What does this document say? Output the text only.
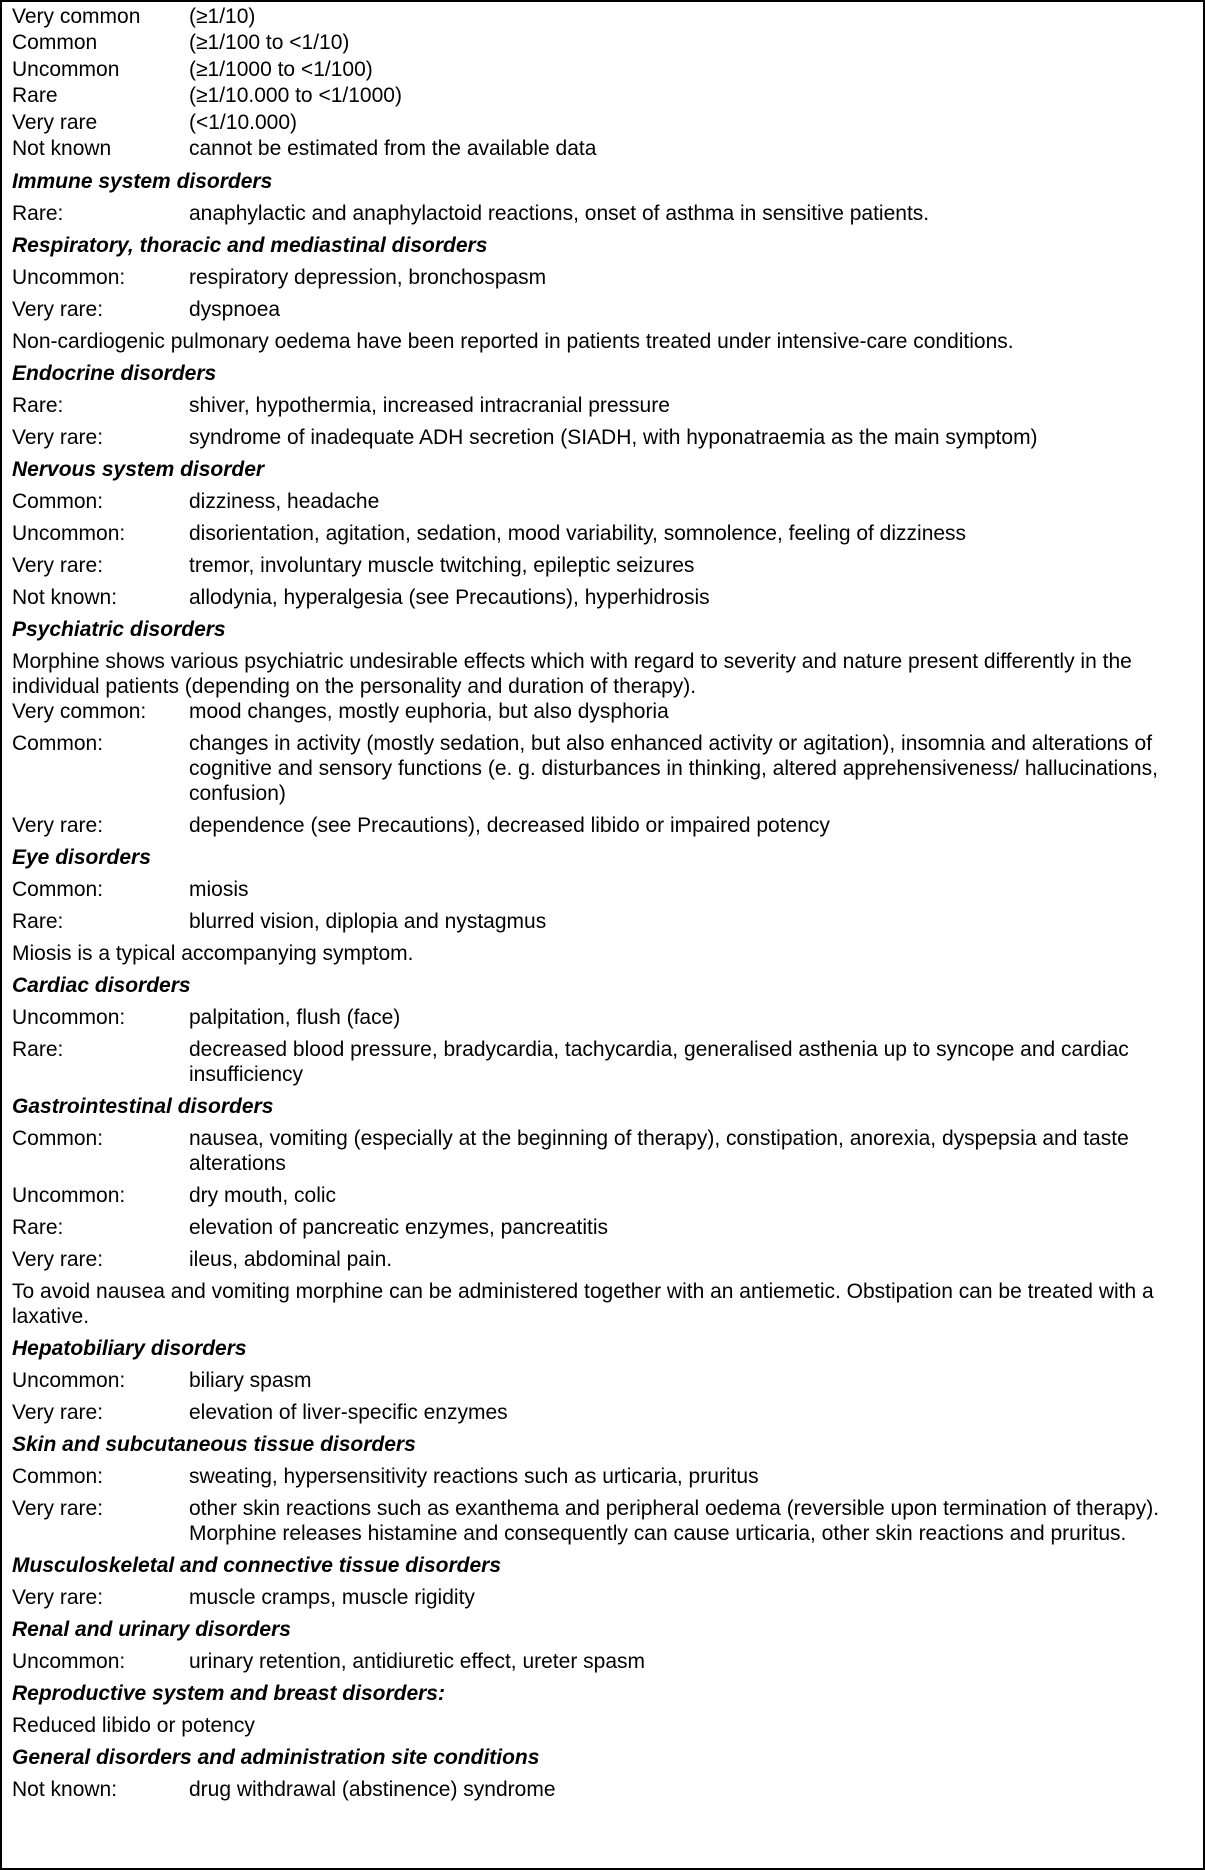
Very common	(≥1/10)
Common	(≥1/100 to <1/10)
Uncommon	(≥1/1000 to <1/100)
Rare	(≥1/10.000 to <1/1000)
Very rare	(<1/10.000)
Not known	cannot be estimated from the available data
Immune system disorders
Rare:	anaphylactic and anaphylactoid reactions, onset of asthma in sensitive patients.
Respiratory, thoracic and mediastinal disorders
Uncommon:	respiratory depression, bronchospasm
Very rare:	dyspnoea
Non-cardiogenic pulmonary oedema have been reported in patients treated under intensive-care conditions.
Endocrine disorders
Rare:	shiver, hypothermia, increased intracranial pressure
Very rare:	syndrome of inadequate ADH secretion (SIADH, with hyponatraemia as the main symptom)
Nervous system disorder
Common:	dizziness, headache
Uncommon:	disorientation, agitation, sedation, mood variability, somnolence, feeling of dizziness
Very rare:	tremor, involuntary muscle twitching, epileptic seizures
Not known:	allodynia, hyperalgesia (see Precautions), hyperhidrosis
Psychiatric disorders
Morphine shows various psychiatric undesirable effects which with regard to severity and nature present differently in the individual patients (depending on the personality and duration of therapy).
Very common:	mood changes, mostly euphoria, but also dysphoria
Common:	changes in activity (mostly sedation, but also enhanced activity or agitation), insomnia and alterations of cognitive and sensory functions (e. g. disturbances in thinking, altered apprehensiveness/ hallucinations, confusion)
Very rare:	dependence (see Precautions), decreased libido or impaired potency
Eye disorders
Common:	miosis
Rare:	blurred vision, diplopia and nystagmus
Miosis is a typical accompanying symptom.
Cardiac disorders
Uncommon:	palpitation, flush (face)
Rare:	decreased blood pressure, bradycardia, tachycardia, generalised asthenia up to syncope and cardiac insufficiency
Gastrointestinal disorders
Common:	nausea, vomiting (especially at the beginning of therapy), constipation, anorexia, dyspepsia and taste alterations
Uncommon:	dry mouth, colic
Rare:	elevation of pancreatic enzymes, pancreatitis
Very rare:	ileus, abdominal pain.
To avoid nausea and vomiting morphine can be administered together with an antiemetic. Obstipation can be treated with a laxative.
Hepatobiliary disorders
Uncommon:	biliary spasm
Very rare:	elevation of liver-specific enzymes
Skin and subcutaneous tissue disorders
Common:	sweating, hypersensitivity reactions such as urticaria, pruritus
Very rare:	other skin reactions such as exanthema and peripheral oedema (reversible upon termination of therapy). Morphine releases histamine and consequently can cause urticaria, other skin reactions and pruritus.
Musculoskeletal and connective tissue disorders
Very rare:	muscle cramps, muscle rigidity
Renal and urinary disorders
Uncommon:	urinary retention, antidiuretic effect, ureter spasm
Reproductive system and breast disorders:
Reduced libido or potency
General disorders and administration site conditions
Not known:	drug withdrawal (abstinence) syndrome
